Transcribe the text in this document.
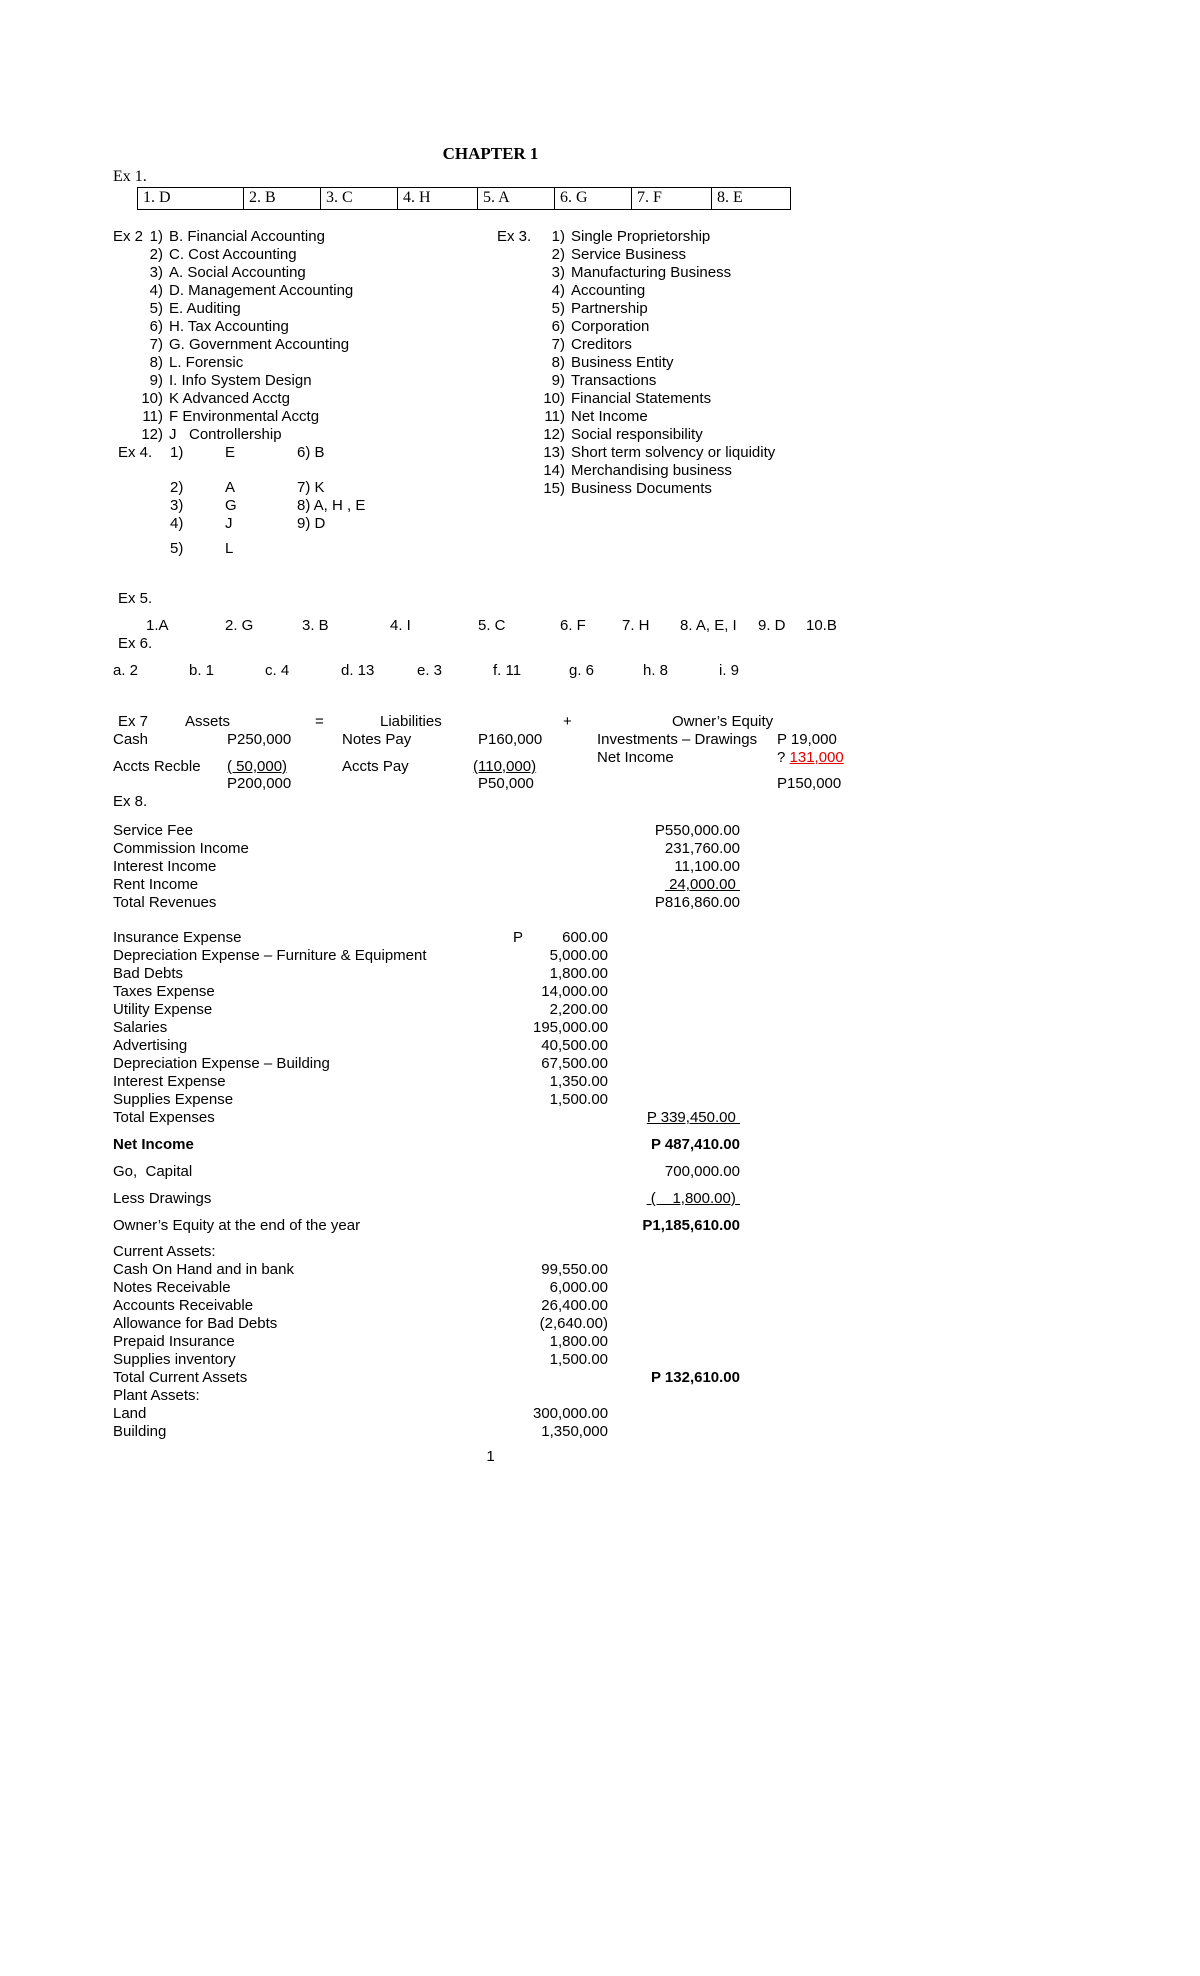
CHAPTER 1
Ex 1.
1. D	2. B	3. C	4. H	5. A	6. G	7. F	8. E
Ex 2 1) B. Financial Accounting
2) C. Cost Accounting
3) A. Social Accounting
4) D. Management Accounting
5) E. Auditing
6) H. Tax Accounting
7) G. Government Accounting
8) L. Forensic
9) I. Info System Design
10) K Advanced Acctg
11) F Environmental Acctg
12) J   Controllership
Ex 4.	1)	E	6) B
2)	A	7) K
3)	G	8) A, H , E
4)	J	9) D
5)	L
Ex 3.	1) Single Proprietorship
2) Service Business
3) Manufacturing Business
4) Accounting
5) Partnership
6) Corporation
7) Creditors
8) Business Entity
9) Transactions
10) Financial Statements
11) Net Income
12) Social responsibility
13) Short term solvency or liquidity
14) Merchandising business
15) Business Documents
Ex 5.
1.A	2. G	3. B	4. I	5. C	6. F	7. H	8. A, E, I	9. D	10.B
Ex 6.
a. 2	b. 1	c. 4	d. 13	e. 3	f. 11	g. 6	h. 8	i. 9
Ex 7 Assets	=	Liabilities	+	Owner’s Equity
Cash	P250,000	Notes Pay	P160,000	Investments – Drawings P 19,000
Net Income	? 131,000
Accts Recble ( 50,000)	Accts Pay	(110,000)
P200,000	P50,000	P150,000
Ex 8.
Service Fee	P550,000.00
Commission Income	231,760.00
Interest Income	11,100.00
Rent Income	24,000.00
Total Revenues	P816,860.00
Insurance Expense	P	600.00
Depreciation Expense – Furniture & Equipment	5,000.00
Bad Debts	1,800.00
Taxes Expense	14,000.00
Utility Expense	2,200.00
Salaries	195,000.00
Advertising	40,500.00
Depreciation Expense – Building	67,500.00
Interest Expense	1,350.00
Supplies Expense	1,500.00
Total Expenses	P 339,450.00
Net Income	P 487,410.00
Go,  Capital	700,000.00
Less Drawings	(    1,800.00)
Owner’s Equity at the end of the year	P1,185,610.00
Current Assets:
Cash On Hand and in bank	99,550.00
Notes Receivable	6,000.00
Accounts Receivable	26,400.00
Allowance for Bad Debts	(2,640.00)
Prepaid Insurance	1,800.00
Supplies inventory	1,500.00
Total Current Assets	P 132,610.00
Plant Assets:
Land	300,000.00
Building	1,350,000
1
